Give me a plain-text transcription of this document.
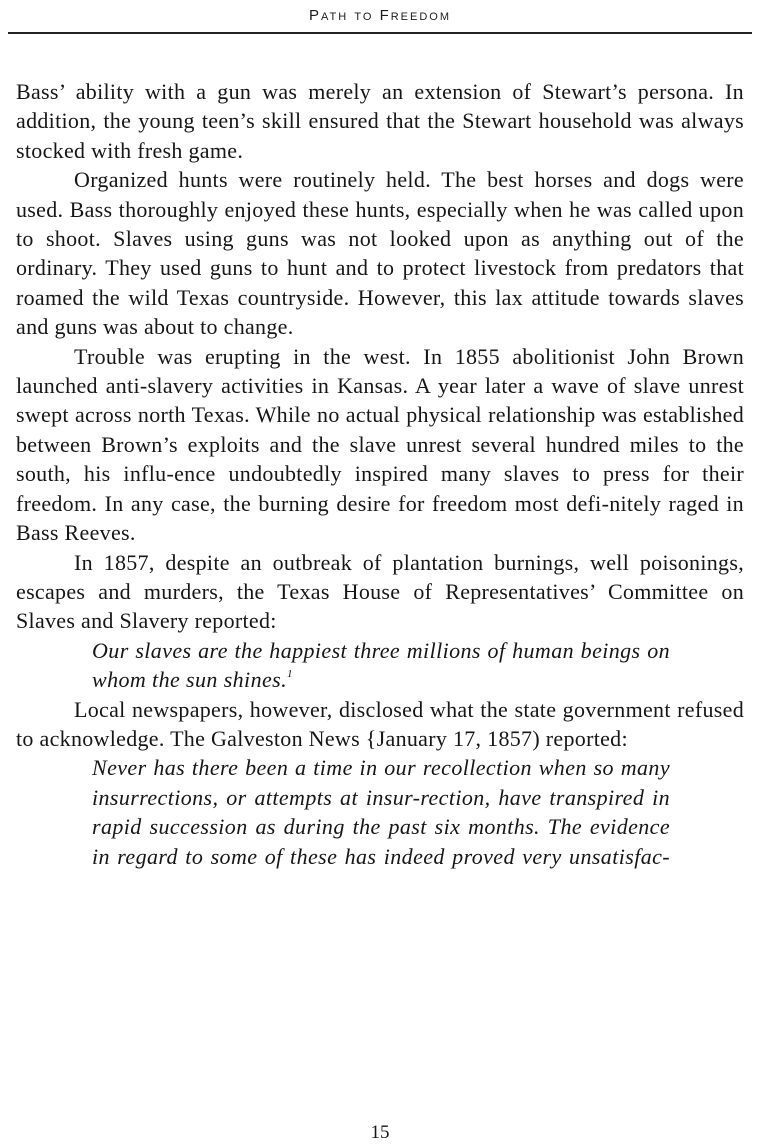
Path to Freedom

Bass’ ability with a gun was merely an extension of Stewart’s persona. In addition, the young teen’s skill ensured that the Stewart household was always stocked with fresh game.

Organized hunts were routinely held. The best horses and dogs were used. Bass thoroughly enjoyed these hunts, especially when he was called upon to shoot. Slaves using guns was not looked upon as anything out of the ordinary. They used guns to hunt and to protect livestock from predators that roamed the wild Texas countryside. However, this lax attitude towards slaves and guns was about to change.

Trouble was erupting in the west. In 1855 abolitionist John Brown launched anti-slavery activities in Kansas. A year later a wave of slave unrest swept across north Texas. While no actual physical relationship was established between Brown’s exploits and the slave unrest several hundred miles to the south, his influ-ence undoubtedly inspired many slaves to press for their freedom. In any case, the burning desire for freedom most defi-nitely raged in Bass Reeves.

In 1857, despite an outbreak of plantation burnings, well poisonings, escapes and murders, the Texas House of Representatives’ Committee on Slaves and Slavery reported:

Our slaves are the happiest three millions of human beings on whom the sun shines.$^1$

Local newspapers, however, disclosed what the state government refused to acknowledge. The Galveston News {January 17, 1857) reported:

Never has there been a time in our recollection when so many insurrections, or attempts at insur-rection, have transpired in rapid succession as during the past six months. The evidence in regard to some of these has indeed proved very unsatisfac-

15
